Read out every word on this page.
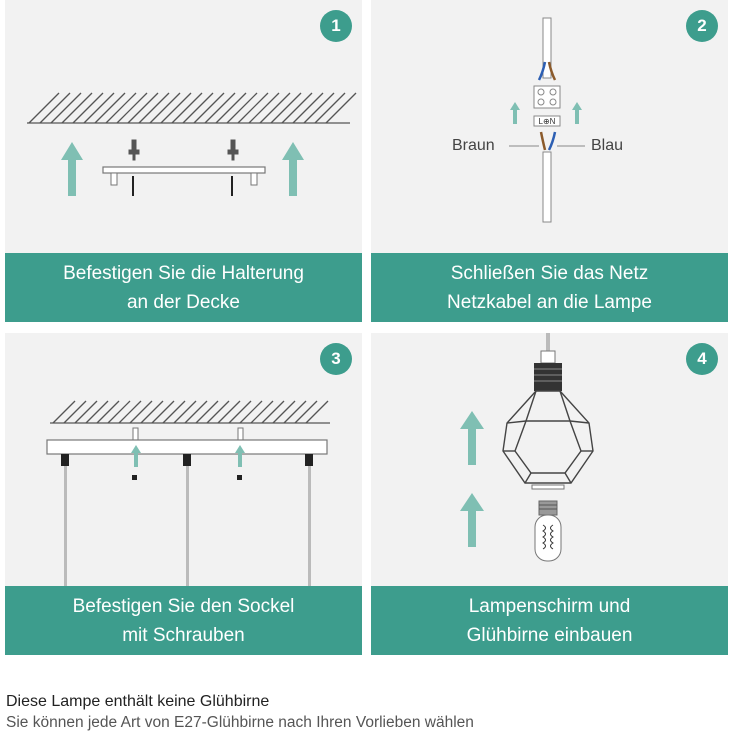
1
Befestigen Sie die Halterung
an der Decke
L⊕N
Braun	Blau
2
Schließen Sie das Netz
Netzkabel an die Lampe
3
Befestigen Sie den Sockel
mit Schrauben
4
Lampenschirm und
Glühbirne einbauen
Diese Lampe enthält keine Glühbirne
Sie können jede Art von E27-Glühbirne nach Ihren Vorlieben wählen
